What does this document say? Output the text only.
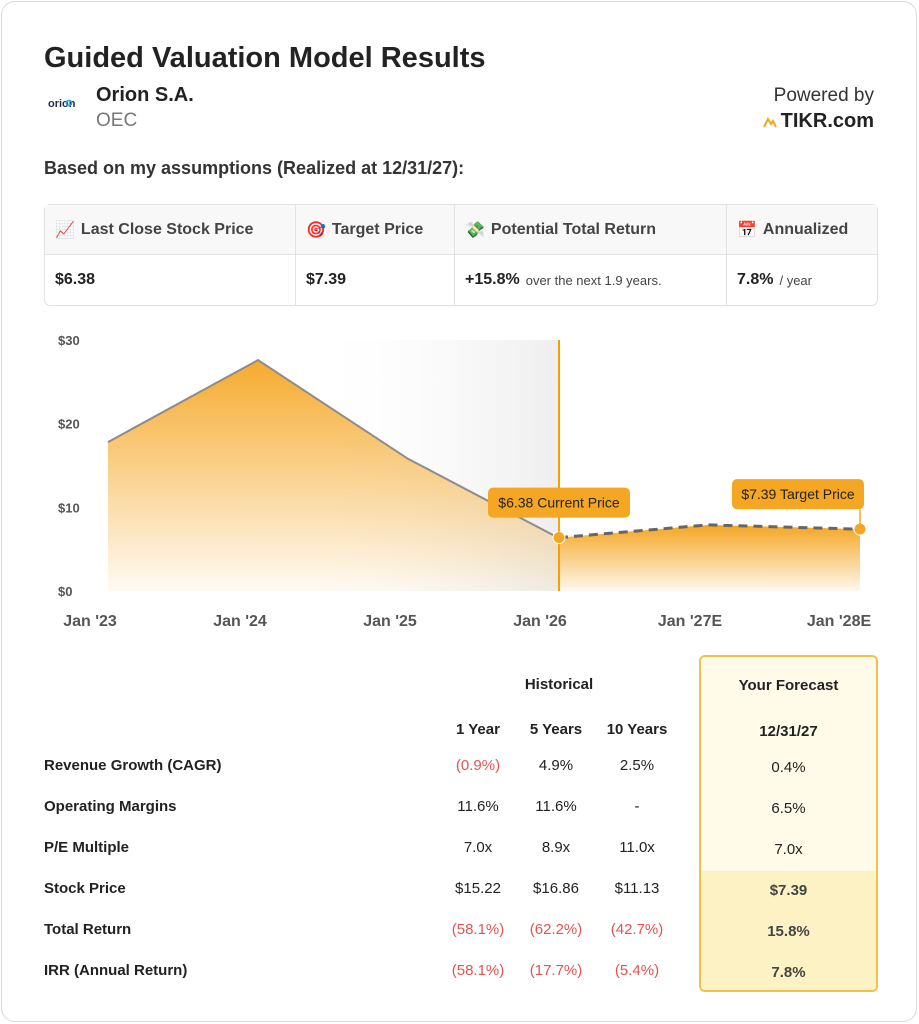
Guided Valuation Model Results
orion Orion S.A.
OEC
Powered by
TIKR.com
Based on my assumptions (Realized at 12/31/27):
📈 Last Close Stock Price
$6.38
🎯 Target Price
$7.39
💸 Potential Total Return
+15.8% over the next 1.9 years.
📅 Annualized
7.8% / year
$30
$20
$10
$0
Jan '23	Jan '24	Jan '25	Jan '26	Jan '27E	Jan '28E
$6.38 Current Price
$7.39 Target Price
Historical	Your Forecast
1 Year	5 Years	10 Years	12/31/27
Revenue Growth (CAGR)	(0.9%)	4.9%	2.5%	0.4%
Operating Margins	11.6%	11.6%	-	6.5%
P/E Multiple	7.0x	8.9x	11.0x	7.0x
Stock Price	$15.22	$16.86	$11.13	$7.39
Total Return	(58.1%)	(62.2%)	(42.7%)	15.8%
IRR (Annual Return)	(58.1%)	(17.7%)	(5.4%)	7.8%
